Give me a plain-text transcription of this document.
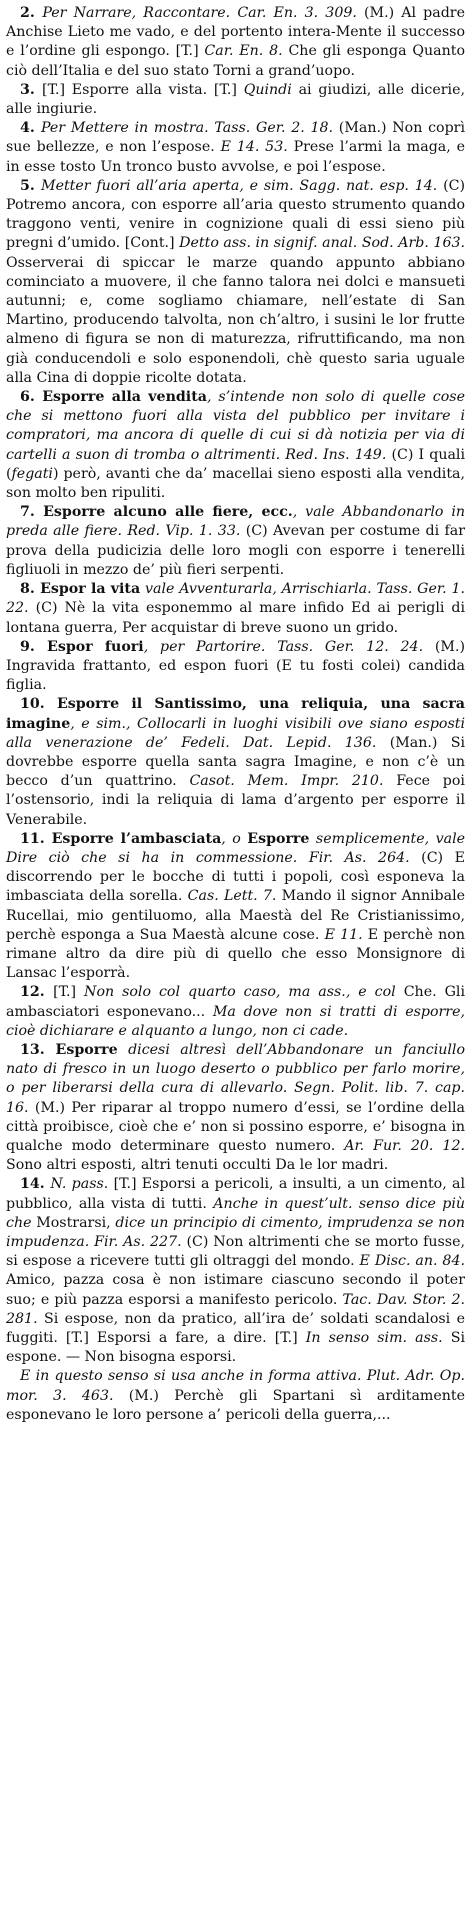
2. Per Narrare, Raccontare. Car. En. 3. 309. (M.) Al padre Anchise Lieto me vado, e del portento intera-Mente il successo e l’ordine gli espongo. [T.] Car. En. 8. Che gli esponga Quanto ciò dell’Italia e del suo stato Torni a grand’uopo.

3. [T.] Esporre alla vista. [T.] Quindi ai giudizi, alle dicerie, alle ingiurie.

4. Per Mettere in mostra. Tass. Ger. 2. 18. (Man.) Non coprì sue bellezze, e non l’espose. E 14. 53. Prese l’armi la maga, e in esse tosto Un tronco busto avvolse, e poi l’espose.

5. Metter fuori all’aria aperta, e sim. Sagg. nat. esp. 14. (C) Potremo ancora, con esporre all’aria questo strumento quando traggono venti, venire in cognizione quali di essi sieno più pregni d’umido. [Cont.] Detto ass. in signif. anal. Sod. Arb. 163. Osserverai di spiccar le marze quando appunto abbiano cominciato a muovere, il che fanno talora nei dolci e mansueti autunni; e, come sogliamo chiamare, nell’estate di San Martino, producendo talvolta, non ch’altro, i susini le lor frutte almeno di figura se non di maturezza, rifruttificando, ma non già conducendoli e solo esponendoli, chè questo saria uguale alla Cina di doppie ricolte dotata.

6. Esporre alla vendita, s’intende non solo di quelle cose che si mettono fuori alla vista del pubblico per invitare i compratori, ma ancora di quelle di cui si dà notizia per via di cartelli a suon di tromba o altrimenti. Red. Ins. 149. (C) I quali (fegati) però, avanti che da’ macellai sieno esposti alla vendita, son molto ben ripuliti.

7. Esporre alcuno alle fiere, ecc., vale Abbandonarlo in preda alle fiere. Red. Vip. 1. 33. (C) Avevan per costume di far prova della pudicizia delle loro mogli con esporre i tenerelli figliuoli in mezzo de’ più fieri serpenti.

8. Espor la vita vale Avventurarla, Arrischiarla. Tass. Ger. 1. 22. (C) Nè la vita esponemmo al mare infido Ed ai perigli di lontana guerra, Per acquistar di breve suono un grido.

9. Espor fuori, per Partorire. Tass. Ger. 12. 24. (M.) Ingravida frattanto, ed espon fuori (E tu fosti colei) candida figlia.

10. Esporre il Santissimo, una reliquia, una sacra imagine, e sim., Collocarli in luoghi visibili ove siano esposti alla venerazione de’ Fedeli. Dat. Lepid. 136. (Man.) Si dovrebbe esporre quella santa sagra Imagine, e non c’è un becco d’un quattrino. Casot. Mem. Impr. 210. Fece poi l’ostensorio, indi la reliquia di lama d’argento per esporre il Venerabile.

11. Esporre l’ambasciata, o Esporre semplicemente, vale Dire ciò che si ha in commessione. Fir. As. 264. (C) E discorrendo per le bocche di tutti i popoli, così esponeva la imbasciata della sorella. Cas. Lett. 7. Mando il signor Annibale Rucellai, mio gentiluomo, alla Maestà del Re Cristianissimo, perchè esponga a Sua Maestà alcune cose. E 11. E perchè non rimane altro da dire più di quello che esso Monsignore di Lansac l’esporrà.

12. [T.] Non solo col quarto caso, ma ass., e col Che. Gli ambasciatori esponevano... Ma dove non si tratti di esporre, cioè dichiarare e alquanto a lungo, non ci cade.

13. Esporre dicesi altresì dell’Abbandonare un fanciullo nato di fresco in un luogo deserto o pubblico per farlo morire, o per liberarsi della cura di allevarlo. Segn. Polit. lib. 7. cap. 16. (M.) Per riparar al troppo numero d’essi, se l’ordine della città proibisce, cioè che e’ non si possino esporre, e’ bisogna in qualche modo determinare questo numero. Ar. Fur. 20. 12. Sono altri esposti, altri tenuti occulti Da le lor madri.

14. N. pass. [T.] Esporsi a pericoli, a insulti, a un cimento, al pubblico, alla vista di tutti. Anche in quest’ult. senso dice più che Mostrarsi, dice un principio di cimento, imprudenza se non impudenza. Fir. As. 227. (C) Non altrimenti che se morto fusse, si espose a ricevere tutti gli oltraggi del mondo. E Disc. an. 84. Amico, pazza cosa è non istimare ciascuno secondo il poter suo; e più pazza esporsi a manifesto pericolo. Tac. Dav. Stor. 2. 281. Si espose, non da pratico, all’ira de’ soldati scandalosi e fuggiti. [T.] Esporsi a fare, a dire. [T.] In senso sim. ass. Si espone. — Non bisogna esporsi.

E in questo senso si usa anche in forma attiva. Plut. Adr. Op. mor. 3. 463. (M.) Perchè gli Spartani sì arditamente esponevano le loro persone a’ pericoli della guerra,...
